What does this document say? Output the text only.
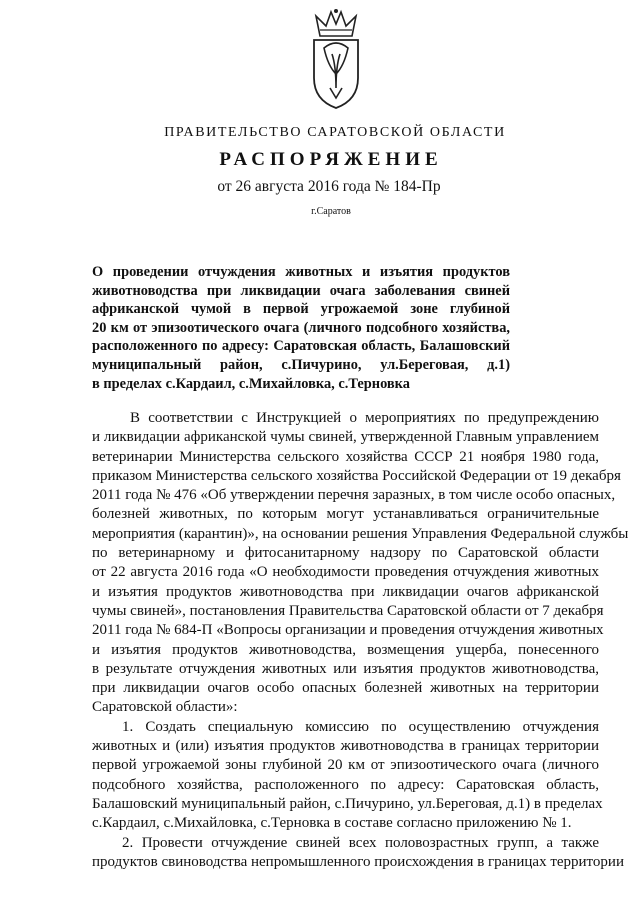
ПРАВИТЕЛЬСТВО САРАТОВСКОЙ ОБЛАСТИ
РАСПОРЯЖЕНИЕ
от 26 августа 2016 года № 184-Пр
г.Саратов
О проведении отчуждения животных и изъятия продуктов
животноводства при ликвидации очага заболевания свиней
африканской чумой в первой угрожаемой зоне глубиной
20 км от эпизоотического очага (личного подсобного хозяйства,
расположенного по адресу: Саратовская область, Балашовский
муниципальный район, с.Пичурино, ул.Береговая, д.1)
в пределах с.Кардаил, с.Михайловка, с.Терновка
В соответствии с Инструкцией о мероприятиях по предупреждению
и ликвидации африканской чумы свиней, утвержденной Главным управлением
ветеринарии Министерства сельского хозяйства СССР 21 ноября 1980 года,
приказом Министерства сельского хозяйства Российской Федерации от 19 декабря
2011 года № 476 «Об утверждении перечня заразных, в том числе особо опасных,
болезней животных, по которым могут устанавливаться ограничительные
мероприятия (карантин)», на основании решения Управления Федеральной службы
по ветеринарному и фитосанитарному надзору по Саратовской области
от 22 августа 2016 года «О необходимости проведения отчуждения животных
и изъятия продуктов животноводства при ликвидации очагов африканской
чумы свиней», постановления Правительства Саратовской области от 7 декабря
2011 года № 684-П «Вопросы организации и проведения отчуждения животных
и изъятия продуктов животноводства, возмещения ущерба, понесенного
в результате отчуждения животных или изъятия продуктов животноводства,
при ликвидации очагов особо опасных болезней животных на территории
Саратовской области»:
1. Создать специальную комиссию по осуществлению отчуждения
животных и (или) изъятия продуктов животноводства в границах территории
первой угрожаемой зоны глубиной 20 км от эпизоотического очага (личного
подсобного хозяйства, расположенного по адресу: Саратовская область,
Балашовский муниципальный район, с.Пичурино, ул.Береговая, д.1) в пределах
с.Кардаил, с.Михайловка, с.Терновка в составе согласно приложению № 1.
2. Провести отчуждение свиней всех половозрастных групп, а также
продуктов свиноводства непромышленного происхождения в границах территории
